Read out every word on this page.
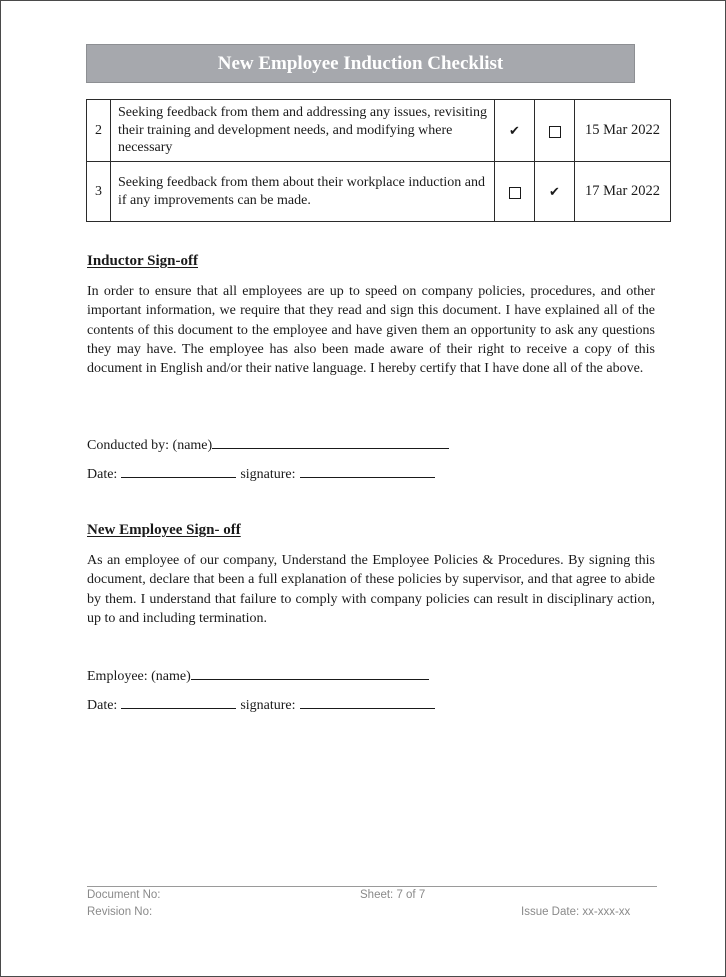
New Employee Induction Checklist
2	Seeking feedback from them and addressing any issues, revisiting their training and development needs, and modifying where necessary	✔		15 Mar 2022
3	Seeking feedback from them about their workplace induction and if any improvements can be made.		✔	17 Mar 2022
Inductor Sign-off
In order to ensure that all employees are up to speed on company policies, procedures, and other important information, we require that they read and sign this document. I have explained all of the contents of this document to the employee and have given them an opportunity to ask any questions they may have. The employee has also been made aware of their right to receive a copy of this document in English and/or their native language. I hereby certify that I have done all of the above.
Conducted by: (name)
Date:	signature:
New Employee Sign- off
As an employee of our company, Understand the Employee Policies & Procedures. By signing this document, declare that been a full explanation of these policies by supervisor, and that agree to abide by them. I understand that failure to comply with company policies can result in disciplinary action, up to and including termination.
Employee: (name)
Date:	signature:
Document No:	Sheet: 7 of 7
Revision No:	Issue Date: xx-xxx-xx
